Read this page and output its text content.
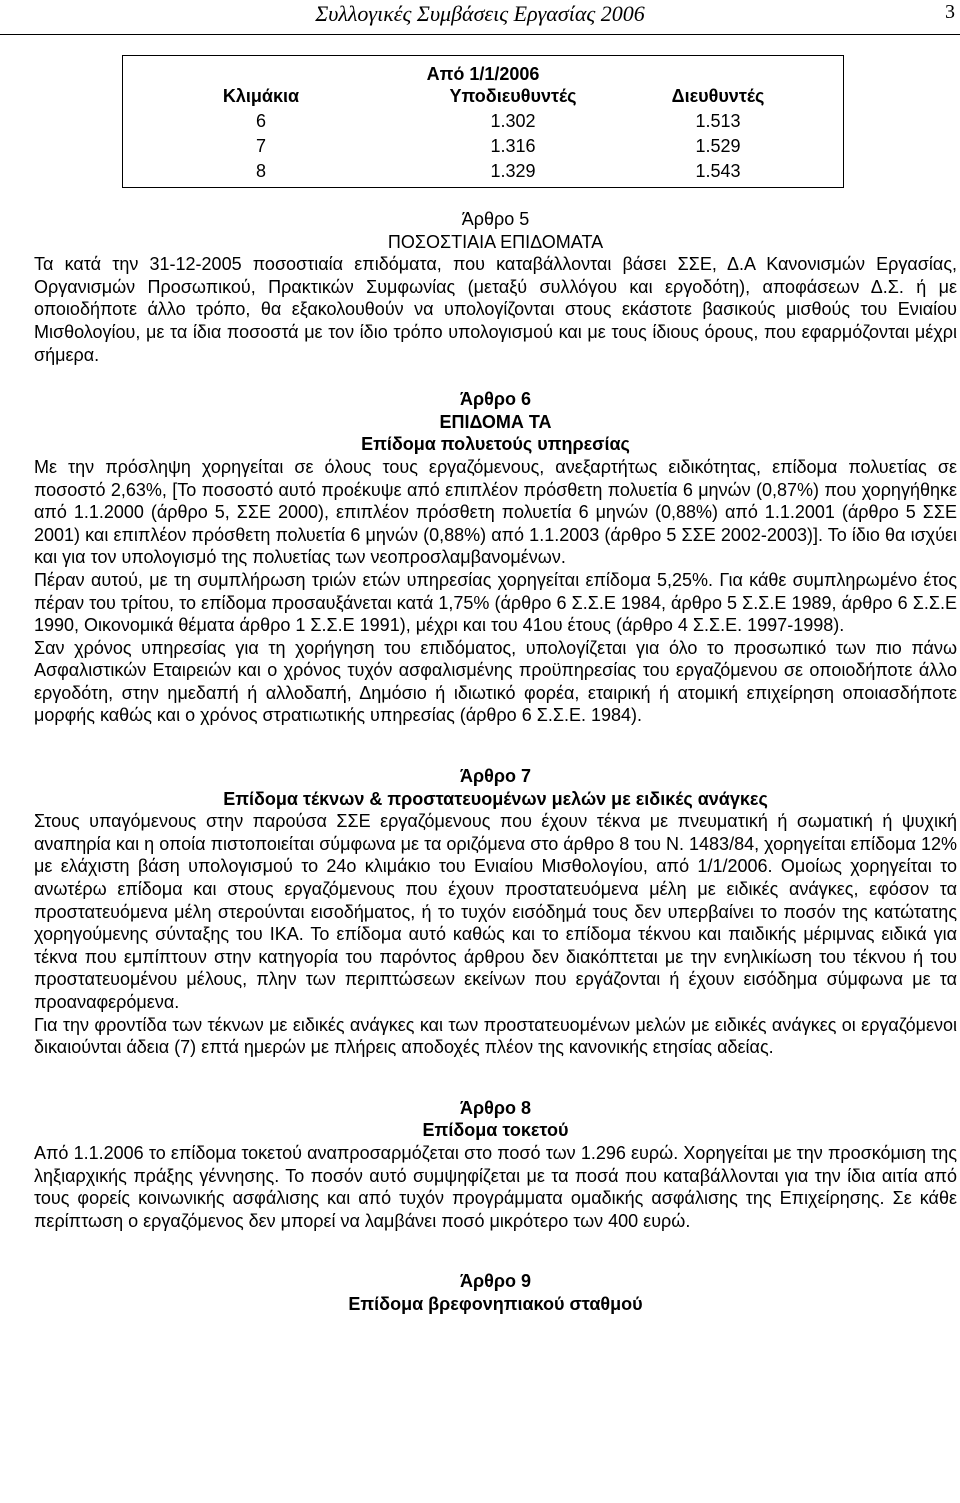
Συλλογικές Συμβάσεις Εργασίας 2006	3
Από 1/1/2006
Κλιμάκια	Υποδιευθυντές	Διευθυντές
6	1.302	1.513
7	1.316	1.529
8	1.329	1.543
Άρθρο 5
ΠΟΣΟΣΤΙΑΙΑ ΕΠΙΔΟΜΑΤΑ

Τα κατά την 31-12-2005 ποσοστιαία επιδόματα, που καταβάλλονται βάσει ΣΣΕ, Δ.Α Κανονισμών Εργασίας, Οργανισμών Προσωπικού, Πρακτικών Συμφωνίας (μεταξύ συλλόγου και εργοδότη), αποφάσεων Δ.Σ. ή με οποιοδήποτε άλλο τρόπο, θα εξακολουθούν να υπολογίζονται στους εκάστοτε βασικούς μισθούς του Ενιαίου Μισθολογίου, με τα ίδια ποσοστά με τον ίδιο τρόπο υπολογισμού και με τους ίδιους όρους, που εφαρμόζονται μέχρι σήμερα.

Άρθρο 6
ΕΠΙΔΟΜΑ ΤΑ
Επίδομα πολυετούς υπηρεσίας

Με την πρόσληψη χορηγείται σε όλους τους εργαζόμενους, ανεξαρτήτως ειδικότητας, επίδομα πολυετίας σε ποσοστό 2,63%, [Το ποσοστό αυτό προέκυψε από επιπλέον πρόσθετη πολυετία 6 μηνών (0,87%) που χορηγήθηκε από 1.1.2000 (άρθρο 5, ΣΣΕ 2000), επιπλέον πρόσθετη πολυετία 6 μηνών (0,88%) από 1.1.2001 (άρθρο 5 ΣΣΕ 2001) και επιπλέον πρόσθετη πολυετία 6 μηνών (0,88%) από 1.1.2003 (άρθρο 5 ΣΣΕ 2002-2003)]. Το ίδιο θα ισχύει και για τον υπολογισμό της πολυετίας των νεοπροσλαμβανομένων.

Πέραν αυτού, με τη συμπλήρωση τριών ετών υπηρεσίας χορηγείται επίδομα 5,25%. Για κάθε συμπληρωμένο έτος πέραν του τρίτου, το επίδομα προσαυξάνεται κατά 1,75% (άρθρο 6 Σ.Σ.Ε 1984, άρθρο 5 Σ.Σ.Ε 1989, άρθρο 6 Σ.Σ.Ε 1990, Οικονομικά θέματα άρθρο 1 Σ.Σ.Ε 1991), μέχρι και του 41ου έτους (άρθρο 4 Σ.Σ.Ε. 1997-1998).

Σαν χρόνος υπηρεσίας για τη χορήγηση του επιδόματος, υπολογίζεται για όλο το προσωπικό των πιο πάνω Ασφαλιστικών Εταιρειών και ο χρόνος τυχόν ασφαλισμένης προϋπηρεσίας του εργαζόμενου σε οποιοδήποτε άλλο εργοδότη, στην ημεδαπή ή αλλοδαπή, Δημόσιο ή ιδιωτικό φορέα, εταιρική ή ατομική επιχείρηση οποιασδήποτε μορφής καθώς και ο χρόνος στρατιωτικής υπηρεσίας (άρθρο 6 Σ.Σ.Ε. 1984).

Άρθρο 7
Επίδομα τέκνων & προστατευομένων μελών με ειδικές ανάγκες

Στους υπαγόμενους στην παρούσα ΣΣΕ εργαζόμενους που έχουν τέκνα με πνευματική ή σωματική ή ψυχική αναπηρία και η οποία πιστοποιείται σύμφωνα με τα οριζόμενα στο άρθρο 8 του Ν. 1483/84, χορηγείται επίδομα 12% με ελάχιστη βάση υπολογισμού το 24ο κλιμάκιο του Ενιαίου Μισθολογίου, από 1/1/2006. Ομοίως χορηγείται το ανωτέρω επίδομα και στους εργαζόμενους που έχουν προστατευόμενα μέλη με ειδικές ανάγκες, εφόσον τα προστατευόμενα μέλη στερούνται εισοδήματος, ή το τυχόν εισόδημά τους δεν υπερβαίνει το ποσόν της κατώτατης χορηγούμενης σύνταξης του ΙΚΑ. Το επίδομα αυτό καθώς και το επίδομα τέκνου και παιδικής μέριμνας ειδικά για τέκνα που εμπίπτουν στην κατηγορία του παρόντος άρθρου δεν διακόπτεται με την ενηλικίωση του τέκνου ή του προστατευομένου μέλους, πλην των περιπτώσεων εκείνων που εργάζονται ή έχουν εισόδημα σύμφωνα με τα προαναφερόμενα.

Για την φροντίδα των τέκνων με ειδικές ανάγκες και των προστατευομένων μελών με ειδικές ανάγκες οι εργαζόμενοι δικαιούνται άδεια (7) επτά ημερών με πλήρεις αποδοχές πλέον της κανονικής ετησίας αδείας.

Άρθρο 8
Επίδομα τοκετού

Από 1.1.2006 το επίδομα τοκετού αναπροσαρμόζεται στο ποσό των 1.296 ευρώ. Χορηγείται με την προσκόμιση της ληξιαρχικής πράξης γέννησης. Το ποσόν αυτό συμψηφίζεται με τα ποσά που καταβάλλονται για την ίδια αιτία από τους φορείς κοινωνικής ασφάλισης και από τυχόν προγράμματα ομαδικής ασφάλισης της Επιχείρησης. Σε κάθε περίπτωση ο εργαζόμενος δεν μπορεί να λαμβάνει ποσό μικρότερο των 400 ευρώ.

Άρθρο 9
Επίδομα βρεφονηπιακού σταθμού
